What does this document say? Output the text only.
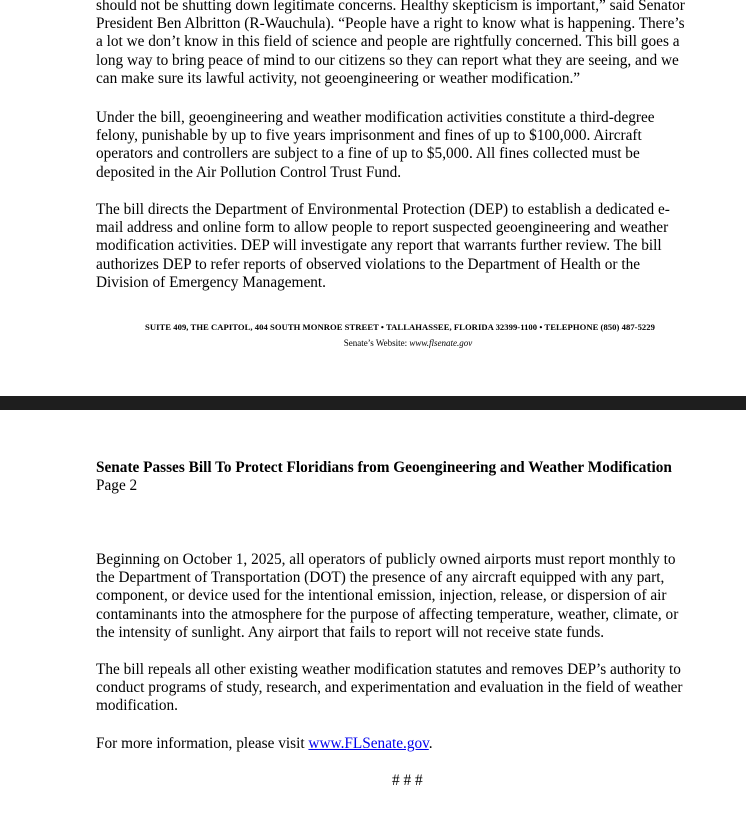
should not be shutting down legitimate concerns. Healthy skepticism is important,” said Senator
President Ben Albritton (R-Wauchula). “People have a right to know what is happening. There’s
a lot we don’t know in this field of science and people are rightfully concerned. This bill goes a
long way to bring peace of mind to our citizens so they can report what they are seeing, and we
can make sure its lawful activity, not geoengineering or weather modification.”
Under the bill, geoengineering and weather modification activities constitute a third-degree
felony, punishable by up to five years imprisonment and fines of up to $100,000. Aircraft
operators and controllers are subject to a fine of up to $5,000. All fines collected must be
deposited in the Air Pollution Control Trust Fund.
The bill directs the Department of Environmental Protection (DEP) to establish a dedicated e-
mail address and online form to allow people to report suspected geoengineering and weather
modification activities. DEP will investigate any report that warrants further review. The bill
authorizes DEP to refer reports of observed violations to the Department of Health or the
Division of Emergency Management.
SUITE 409, THE CAPITOL, 404 SOUTH MONROE STREET • TALLAHASSEE, FLORIDA 32399-1100 • TELEPHONE (850) 487-5229
Senate’s Website: www.flsenate.gov
Senate Passes Bill To Protect Floridians from Geoengineering and Weather Modification
Page 2
Beginning on October 1, 2025, all operators of publicly owned airports must report monthly to
the Department of Transportation (DOT) the presence of any aircraft equipped with any part,
component, or device used for the intentional emission, injection, release, or dispersion of air
contaminants into the atmosphere for the purpose of affecting temperature, weather, climate, or
the intensity of sunlight. Any airport that fails to report will not receive state funds.
The bill repeals all other existing weather modification statutes and removes DEP’s authority to
conduct programs of study, research, and experimentation and evaluation in the field of weather
modification.
For more information, please visit www.FLSenate.gov.
# # #
